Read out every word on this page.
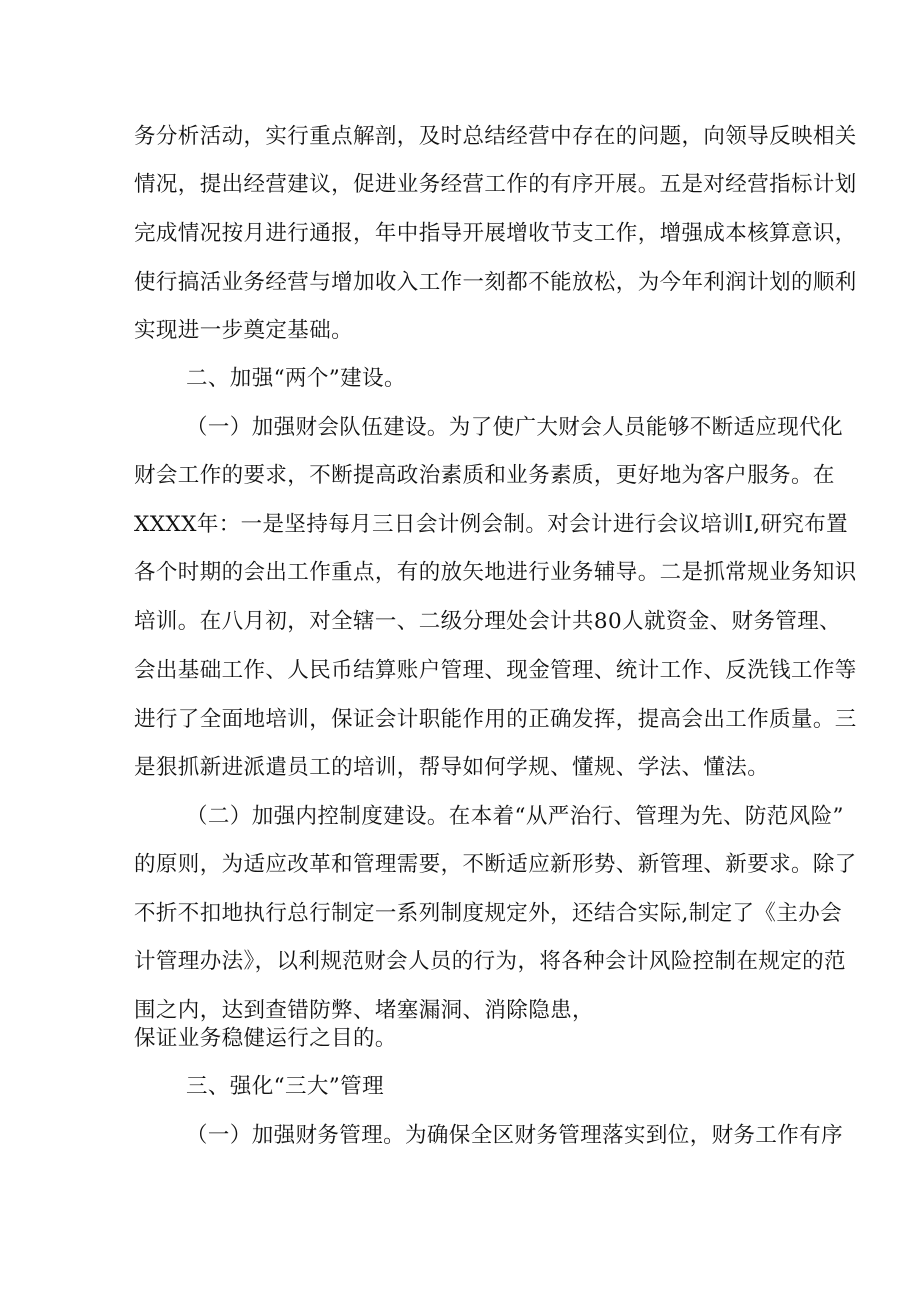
务分析活动，实行重点解剖，及时总结经营中存在的问题，向领导反映相关
情况，提出经营建议，促进业务经营工作的有序开展。五是对经营指标计划
完成情况按月进行通报，年中指导开展增收节支工作，增强成本核算意识，
使行搞活业务经营与增加收入工作一刻都不能放松，为今年利润计划的顺利
实现进一步奠定基础。
二、加强“两个”建设。
（一）加强财会队伍建设。为了使广大财会人员能够不断适应现代化
财会工作的要求，不断提高政治素质和业务素质，更好地为客户服务。在
XXXX年：一是坚持每月三日会计例会制。对会计进行会议培训I,研究布置
各个时期的会出工作重点，有的放矢地进行业务辅导。二是抓常规业务知识
培训。在八月初，对全辖一、二级分理处会计共80人就资金、财务管理、
会出基础工作、人民币结算账户管理、现金管理、统计工作、反洗钱工作等
进行了全面地培训，保证会计职能作用的正确发挥，提高会出工作质量。三
是狠抓新进派遣员工的培训，帮导如何学规、懂规、学法、懂法。
（二）加强内控制度建设。在本着“从严治行、管理为先、防范风险”
的原则，为适应改革和管理需要，不断适应新形势、新管理、新要求。除了
不折不扣地执行总行制定一系列制度规定外，还结合实际,制定了《主办会
计管理办法》，以利规范财会人员的行为，将各种会计风险控制在规定的范
围之内，达到查错防弊、堵塞漏洞、消除隐患，
保证业务稳健运行之目的。
三、强化“三大”管理
（一）加强财务管理。为确保全区财务管理落实到位，财务工作有序
